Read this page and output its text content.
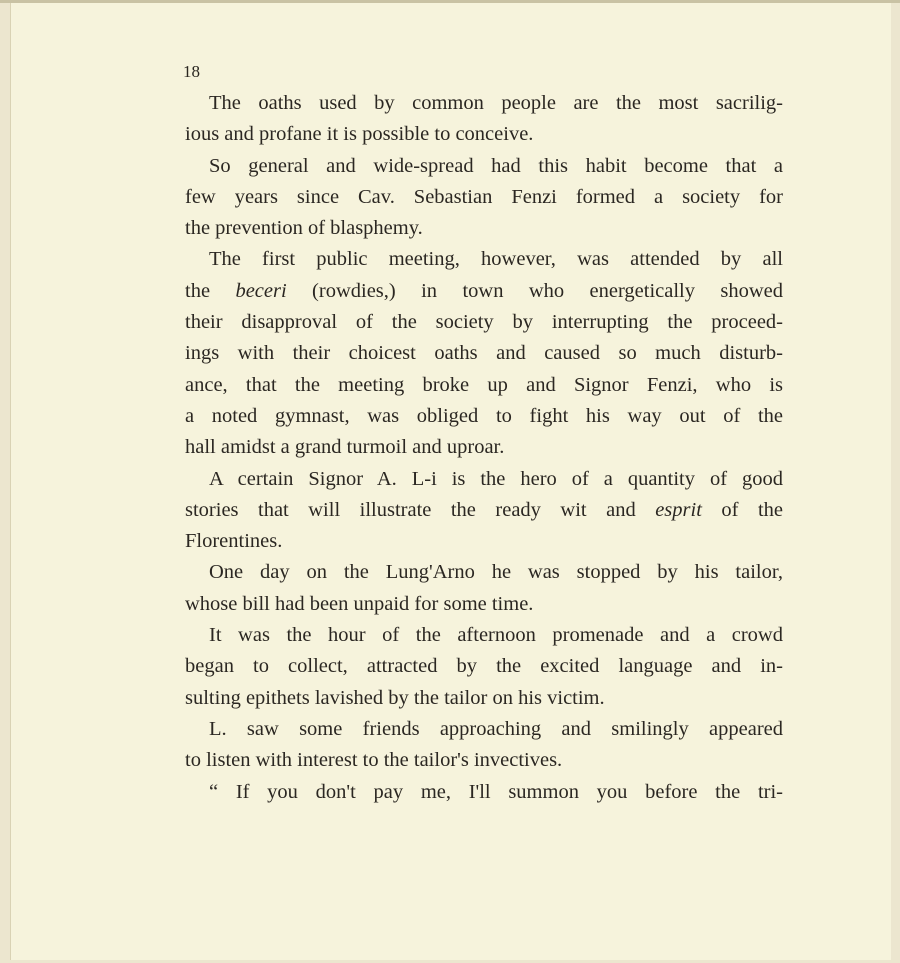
18
The oaths used by common people are the most sacrilig-
ious and profane it is possible to conceive.
So general and wide-spread had this habit become that a
few years since Cav. Sebastian Fenzi formed a society for
the prevention of blasphemy.
The first public meeting, however, was attended by all
the beceri (rowdies,) in town who energetically showed
their disapproval of the society by interrupting the proceed-
ings with their choicest oaths and caused so much disturb-
ance, that the meeting broke up and Signor Fenzi, who is
a noted gymnast, was obliged to fight his way out of the
hall amidst a grand turmoil and uproar.
A certain Signor A. L-i is the hero of a quantity of good
stories that will illustrate the ready wit and esprit of the
Florentines.
One day on the Lung'Arno he was stopped by his tailor,
whose bill had been unpaid for some time.
It was the hour of the afternoon promenade and a crowd
began to collect, attracted by the excited language and in-
sulting epithets lavished by the tailor on his victim.
L. saw some friends approaching and smilingly appeared
to listen with interest to the tailor's invectives.
“ If you don't pay me, I'll summon you before the tri-
